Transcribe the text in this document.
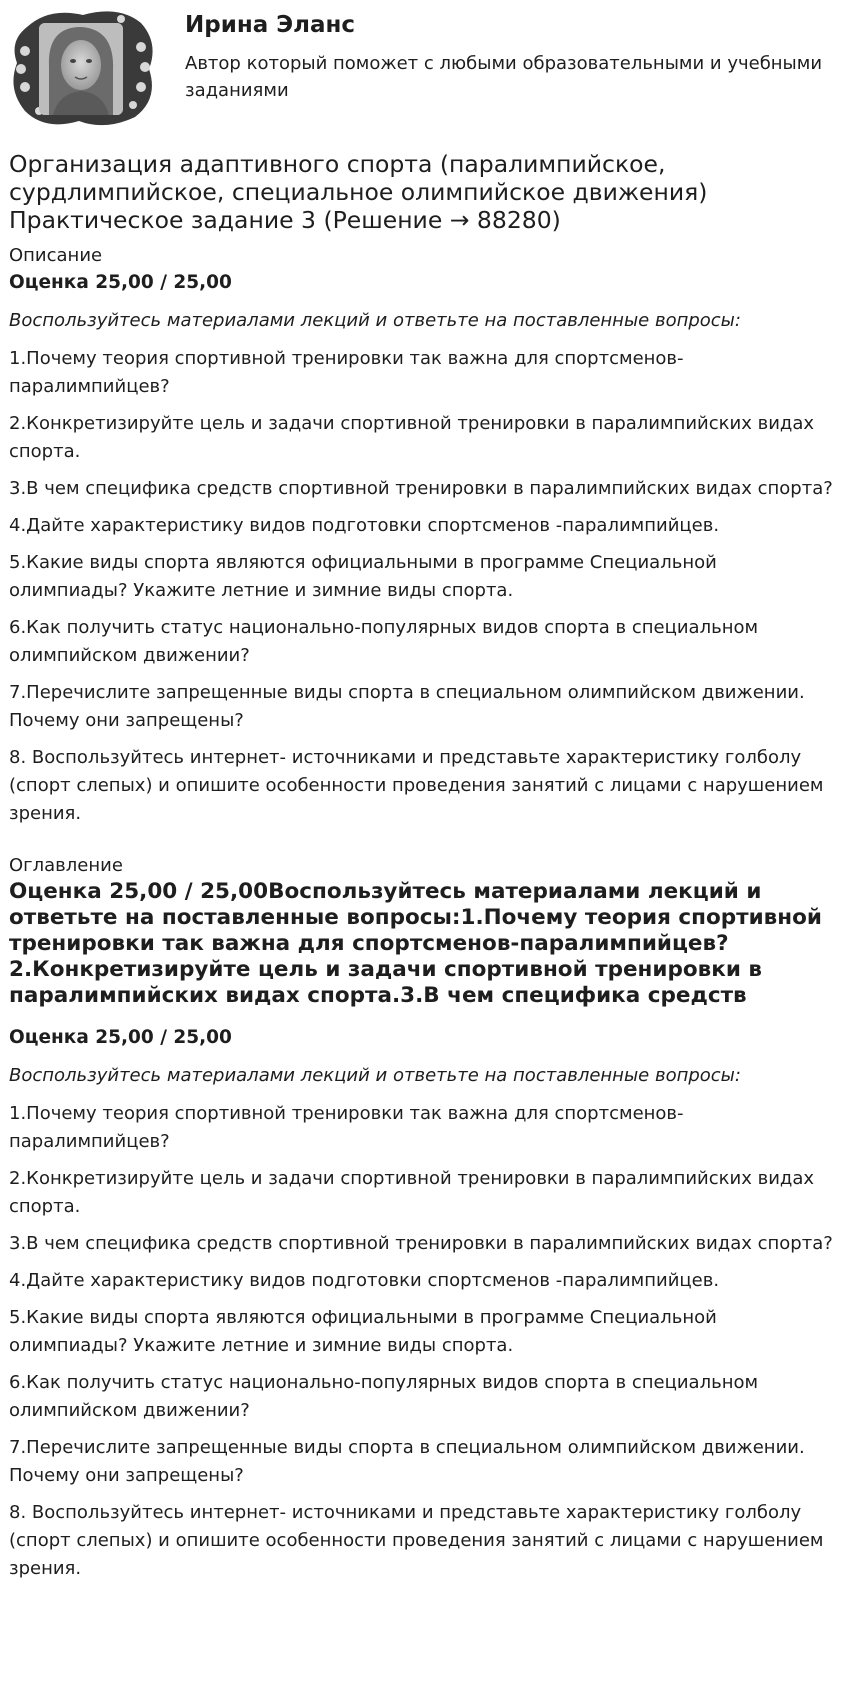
Ирина Эланс

Автор который поможет с любыми образовательными и учебными заданиями

Организация адаптивного спорта (паралимпийское, сурдлимпийское, специальное олимпийское движения) Практическое задание 3 (Решение → 88280)
Описание
Оценка 25,00 / 25,00
Воспользуйтесь материалами лекций и ответьте на поставленные вопросы:

1.Почему теория спортивной тренировки так важна для спортсменов-паралимпийцев?

2.Конкретизируйте цель и задачи спортивной тренировки в паралимпийских видах спорта.

3.В чем специфика средств спортивной тренировки в паралимпийских видах спорта?

4.Дайте характеристику видов подготовки спортсменов -паралимпийцев.

5.Какие виды спорта являются официальными в программе Специальной олимпиады? Укажите летние и зимние виды спорта.

6.Как получить статус национально-популярных видов спорта в специальном олимпийском движении?

7.Перечислите запрещенные виды спорта в специальном олимпийском движении. Почему они запрещены?

8. Воспользуйтесь интернет- источниками и представьте характеристику голболу (спорт слепых) и опишите особенности проведения занятий с лицами с нарушением зрения.

Оглавление
Оценка 25,00 / 25,00Воспользуйтесь материалами лекций и ответьте на поставленные вопросы:1.Почему теория спортивной тренировки так важна для спортсменов-паралимпийцев?2.Конкретизируйте цель и задачи спортивной тренировки в паралимпийских видах спорта.3.В чем специфика средств
Оценка 25,00 / 25,00
Воспользуйтесь материалами лекций и ответьте на поставленные вопросы:

1.Почему теория спортивной тренировки так важна для спортсменов-паралимпийцев?

2.Конкретизируйте цель и задачи спортивной тренировки в паралимпийских видах спорта.

3.В чем специфика средств спортивной тренировки в паралимпийских видах спорта?

4.Дайте характеристику видов подготовки спортсменов -паралимпийцев.

5.Какие виды спорта являются официальными в программе Специальной олимпиады? Укажите летние и зимние виды спорта.

6.Как получить статус национально-популярных видов спорта в специальном олимпийском движении?

7.Перечислите запрещенные виды спорта в специальном олимпийском движении. Почему они запрещены?

8. Воспользуйтесь интернет- источниками и представьте характеристику голболу (спорт слепых) и опишите особенности проведения занятий с лицами с нарушением зрения.
